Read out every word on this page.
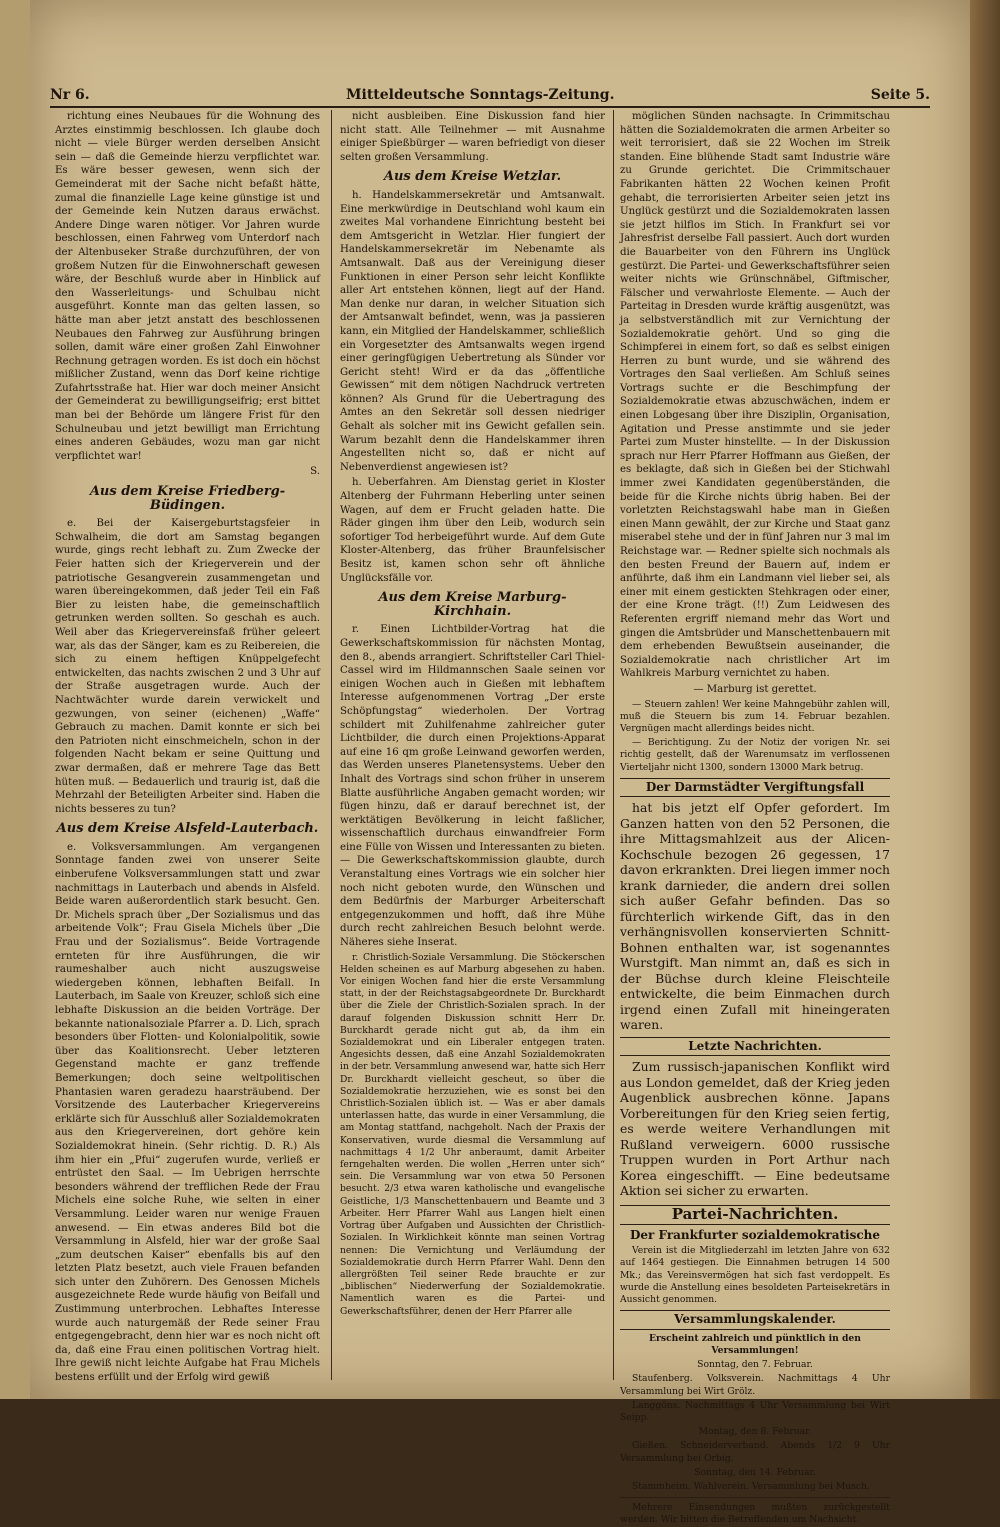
Nr 6.	Mitteldeutsche Sonntags-Zeitung.	Seite 5.

richtung eines Neubaues für die Wohnung des Arztes einstimmig beschlossen. Ich glaube doch nicht — viele Bürger werden derselben Ansicht sein — daß die Gemeinde hierzu verpflichtet war. Es wäre besser gewesen, wenn sich der Gemeinderat mit der Sache nicht befaßt hätte, zumal die finanzielle Lage keine günstige ist und der Gemeinde kein Nutzen daraus erwächst. Andere Dinge waren nötiger. Vor Jahren wurde beschlossen, einen Fahrweg vom Unterdorf nach der Altenbuseker Straße durchzuführen, der von großem Nutzen für die Einwohnerschaft gewesen wäre, der Beschluß wurde aber in Hinblick auf den Wasserleitungs- und Schulbau nicht ausgeführt. Konnte man das gelten lassen, so hätte man aber jetzt anstatt des beschlossenen Neubaues den Fahrweg zur Ausführung bringen sollen, damit wäre einer großen Zahl Einwohner Rechnung getragen worden. Es ist doch ein höchst mißlicher Zustand, wenn das Dorf keine richtige Zufahrtsstraße hat. Hier war doch meiner Ansicht der Gemeinderat zu bewilligungseifrig; erst bittet man bei der Behörde um längere Frist für den Schulneubau und jetzt bewilligt man Errichtung eines anderen Gebäudes, wozu man gar nicht verpflichtet war!

S.
Aus dem Kreise Friedberg-Büdingen.

e. Bei der Kaisergeburtstagsfeier in Schwalheim, die dort am Samstag begangen wurde, gings recht lebhaft zu. Zum Zwecke der Feier hatten sich der Kriegerverein und der patriotische Gesangverein zusammengetan und waren übereingekommen, daß jeder Teil ein Faß Bier zu leisten habe, die gemeinschaftlich getrunken werden sollten. So geschah es auch. Weil aber das Kriegervereinsfaß früher geleert war, als das der Sänger, kam es zu Reibereien, die sich zu einem heftigen Knüppelgefecht entwickelten, das nachts zwischen 2 und 3 Uhr auf der Straße ausgetragen wurde. Auch der Nachtwächter wurde darein verwickelt und gezwungen, von seiner (eichenen) „Waffe“ Gebrauch zu machen. Damit konnte er sich bei den Patrioten nicht einschmeicheln, schon in der folgenden Nacht bekam er seine Quittung und zwar dermaßen, daß er mehrere Tage das Bett hüten muß. — Bedauerlich und traurig ist, daß die Mehrzahl der Beteiligten Arbeiter sind. Haben die nichts besseres zu tun?

Aus dem Kreise Alsfeld-Lauterbach.

e. Volksversammlungen. Am vergangenen Sonntage fanden zwei von unserer Seite einberufene Volksversammlungen statt und zwar nachmittags in Lauterbach und abends in Alsfeld. Beide waren außerordentlich stark besucht. Gen. Dr. Michels sprach über „Der Sozialismus und das arbeitende Volk“; Frau Gisela Michels über „Die Frau und der Sozialismus“. Beide Vortragende ernteten für ihre Ausführungen, die wir raumeshalber auch nicht auszugsweise wiedergeben können, lebhaften Beifall. In Lauterbach, im Saale von Kreuzer, schloß sich eine lebhafte Diskussion an die beiden Vorträge. Der bekannte nationalsoziale Pfarrer a. D. Lich, sprach besonders über Flotten- und Kolonialpolitik, sowie über das Koalitionsrecht. Ueber letzteren Gegenstand machte er ganz treffende Bemerkungen; doch seine weltpolitischen Phantasien waren geradezu haarsträubend. Der Vorsitzende des Lauterbacher Kriegervereins erklärte sich für Ausschluß aller Sozialdemokraten aus den Kriegervereinen, dort gehöre kein Sozialdemokrat hinein. (Sehr richtig. D. R.) Als ihm hier ein „Pfui“ zugerufen wurde, verließ er entrüstet den Saal. — Im Uebrigen herrschte besonders während der trefflichen Rede der Frau Michels eine solche Ruhe, wie selten in einer Versammlung. Leider waren nur wenige Frauen anwesend. — Ein etwas anderes Bild bot die Versammlung in Alsfeld, hier war der große Saal „zum deutschen Kaiser“ ebenfalls bis auf den letzten Platz besetzt, auch viele Frauen befanden sich unter den Zuhörern. Des Genossen Michels ausgezeichnete Rede wurde häufig von Beifall und Zustimmung unterbrochen. Lebhaftes Interesse wurde auch naturgemäß der Rede seiner Frau entgegengebracht, denn hier war es noch nicht oft da, daß eine Frau einen politischen Vortrag hielt. Ihre gewiß nicht leichte Aufgabe hat Frau Michels bestens erfüllt und der Erfolg wird gewiß

nicht ausbleiben. Eine Diskussion fand hier nicht statt. Alle Teilnehmer — mit Ausnahme einiger Spießbürger — waren befriedigt von dieser selten großen Versammlung.

Aus dem Kreise Wetzlar.

h. Handelskammersekretär und Amtsanwalt. Eine merkwürdige in Deutschland wohl kaum ein zweites Mal vorhandene Einrichtung besteht bei dem Amtsgericht in Wetzlar. Hier fungiert der Handelskammersekretär im Nebenamte als Amtsanwalt. Daß aus der Vereinigung dieser Funktionen in einer Person sehr leicht Konflikte aller Art entstehen können, liegt auf der Hand. Man denke nur daran, in welcher Situation sich der Amtsanwalt befindet, wenn, was ja passieren kann, ein Mitglied der Handelskammer, schließlich ein Vorgesetzter des Amtsanwalts wegen irgend einer geringfügigen Uebertretung als Sünder vor Gericht steht! Wird er da das „öffentliche Gewissen“ mit dem nötigen Nachdruck vertreten können? Als Grund für die Uebertragung des Amtes an den Sekretär soll dessen niedriger Gehalt als solcher mit ins Gewicht gefallen sein. Warum bezahlt denn die Handelskammer ihren Angestellten nicht so, daß er nicht auf Nebenverdienst angewiesen ist?

h. Ueberfahren. Am Dienstag geriet in Kloster Altenberg der Fuhrmann Heberling unter seinen Wagen, auf dem er Frucht geladen hatte. Die Räder gingen ihm über den Leib, wodurch sein sofortiger Tod herbeigeführt wurde. Auf dem Gute Kloster-Altenberg, das früher Braunfelsischer Besitz ist, kamen schon sehr oft ähnliche Unglücksfälle vor.

Aus dem Kreise Marburg-Kirchhain.

r. Einen Lichtbilder-Vortrag hat die Gewerkschaftskommission für nächsten Montag, den 8., abends arrangiert. Schriftsteller Carl Thiel-Cassel wird im Hildmannschen Saale seinen vor einigen Wochen auch in Gießen mit lebhaftem Interesse aufgenommenen Vortrag „Der erste Schöpfungstag“ wiederholen. Der Vortrag schildert mit Zuhilfenahme zahlreicher guter Lichtbilder, die durch einen Projektions-Apparat auf eine 16 qm große Leinwand geworfen werden, das Werden unseres Planetensystems. Ueber den Inhalt des Vortrags sind schon früher in unserem Blatte ausführliche Angaben gemacht worden; wir fügen hinzu, daß er darauf berechnet ist, der werktätigen Bevölkerung in leicht faßlicher, wissenschaftlich durchaus einwandfreier Form eine Fülle von Wissen und Interessanten zu bieten. — Die Gewerkschaftskommission glaubte, durch Veranstaltung eines Vortrags wie ein solcher hier noch nicht geboten wurde, den Wünschen und dem Bedürfnis der Marburger Arbeiterschaft entgegenzukommen und hofft, daß ihre Mühe durch recht zahlreichen Besuch belohnt werde. Näheres siehe Inserat.

r. Christlich-Soziale Versammlung. Die Stöckerschen Helden scheinen es auf Marburg abgesehen zu haben. Vor einigen Wochen fand hier die erste Versammlung statt, in der der Reichstagsabgeordnete Dr. Burckhardt über die Ziele der Christlich-Sozialen sprach. In der darauf folgenden Diskussion schnitt Herr Dr. Burckhardt gerade nicht gut ab, da ihm ein Sozialdemokrat und ein Liberaler entgegen traten. Angesichts dessen, daß eine Anzahl Sozialdemokraten in der betr. Versammlung anwesend war, hatte sich Herr Dr. Burckhardt vielleicht gescheut, so über die Sozialdemokratie herzuziehen, wie es sonst bei den Christlich-Sozialen üblich ist. — Was er aber damals unterlassen hatte, das wurde in einer Versammlung, die am Montag stattfand, nachgeholt. Nach der Praxis der Konservativen, wurde diesmal die Versammlung auf nachmittags 4 1/2 Uhr anberaumt, damit Arbeiter ferngehalten werden. Die wollen „Herren unter sich“ sein. Die Versammlung war von etwa 50 Personen besucht. 2/3 etwa waren katholische und evangelische Geistliche, 1/3 Manschettenbauern und Beamte und 3 Arbeiter. Herr Pfarrer Wahl aus Langen hielt einen Vortrag über Aufgaben und Aussichten der Christlich-Sozialen. In Wirklichkeit könnte man seinen Vortrag nennen: Die Vernichtung und Verläumdung der Sozialdemokratie durch Herrn Pfarrer Wahl. Denn den allergrößten Teil seiner Rede brauchte er zur „biblischen“ Niederwerfung der Sozialdemokratie. Namentlich waren es die Partei- und Gewerkschaftsführer, denen der Herr Pfarrer alle

möglichen Sünden nachsagte. In Crimmitschau hätten die Sozialdemokraten die armen Arbeiter so weit terrorisiert, daß sie 22 Wochen im Streik standen. Eine blühende Stadt samt Industrie wäre zu Grunde gerichtet. Die Crimmitschauer Fabrikanten hätten 22 Wochen keinen Profit gehabt, die terrorisierten Arbeiter seien jetzt ins Unglück gestürzt und die Sozialdemokraten lassen sie jetzt hilflos im Stich. In Frankfurt sei vor Jahresfrist derselbe Fall passiert. Auch dort wurden die Bauarbeiter von den Führern ins Unglück gestürzt. Die Partei- und Gewerkschaftsführer seien weiter nichts wie Grünschnäbel, Giftmischer, Fälscher und verwahrloste Elemente. — Auch der Parteitag in Dresden wurde kräftig ausgenützt, was ja selbstverständlich mit zur Vernichtung der Sozialdemokratie gehört. Und so ging die Schimpferei in einem fort, so daß es selbst einigen Herren zu bunt wurde, und sie während des Vortrages den Saal verließen. Am Schluß seines Vortrags suchte er die Beschimpfung der Sozialdemokratie etwas abzuschwächen, indem er einen Lobgesang über ihre Disziplin, Organisation, Agitation und Presse anstimmte und sie jeder Partei zum Muster hinstellte. — In der Diskussion sprach nur Herr Pfarrer Hoffmann aus Gießen, der es beklagte, daß sich in Gießen bei der Stichwahl immer zwei Kandidaten gegenüberständen, die beide für die Kirche nichts übrig haben. Bei der vorletzten Reichstagswahl habe man in Gießen einen Mann gewählt, der zur Kirche und Staat ganz miserabel stehe und der in fünf Jahren nur 3 mal im Reichstage war. — Redner spielte sich nochmals als den besten Freund der Bauern auf, indem er anführte, daß ihm ein Landmann viel lieber sei, als einer mit einem gestickten Stehkragen oder einer, der eine Krone trägt. (!!) Zum Leidwesen des Referenten ergriff niemand mehr das Wort und gingen die Amtsbrüder und Manschettenbauern mit dem erhebenden Bewußtsein auseinander, die Sozialdemokratie nach christlicher Art im Wahlkreis Marburg vernichtet zu haben.

— Marburg ist gerettet.

— Steuern zahlen! Wer keine Mahngebühr zahlen will, muß die Steuern bis zum 14. Februar bezahlen. Vergnügen macht allerdings beides nicht.

— Berichtigung. Zu der Notiz der vorigen Nr. sei richtig gestellt, daß der Warenumsatz im verflossenen Vierteljahr nicht 1300, sondern 13000 Mark betrug.

Der Darmstädter Vergiftungsfall

hat bis jetzt elf Opfer gefordert. Im Ganzen hatten von den 52 Personen, die ihre Mittagsmahlzeit aus der Alicen-Kochschule bezogen 26 gegessen, 17 davon erkrankten. Drei liegen immer noch krank darnieder, die andern drei sollen sich außer Gefahr befinden. Das so fürchterlich wirkende Gift, das in den verhängnisvollen konservierten Schnitt-Bohnen enthalten war, ist sogenanntes Wurstgift. Man nimmt an, daß es sich in der Büchse durch kleine Fleischteile entwickelte, die beim Einmachen durch irgend einen Zufall mit hineingeraten waren.

Letzte Nachrichten.

Zum russisch-japanischen Konflikt wird aus London gemeldet, daß der Krieg jeden Augenblick ausbrechen könne. Japans Vorbereitungen für den Krieg seien fertig, es werde weitere Verhandlungen mit Rußland verweigern. 6000 russische Truppen wurden in Port Arthur nach Korea eingeschifft. — Eine bedeutsame Aktion sei sicher zu erwarten.

Partei-Nachrichten.
Der Frankfurter sozialdemokratische

Verein ist die Mitgliederzahl im letzten Jahre von 632 auf 1464 gestiegen. Die Einnahmen betrugen 14 500 Mk.; das Vereinsvermögen hat sich fast verdoppelt. Es wurde die Anstellung eines besoldeten Parteisekretärs in Aussicht genommen.

Versammlungskalender.

Erscheint zahlreich und pünktlich in den Versammlungen!

Sonntag, den 7. Februar.

Staufenberg. Volksverein. Nachmittags 4 Uhr Versammlung bei Wirt Grölz.

Langgöns. Nachmittags 4 Uhr Versammlung bei Wirt Seipp.

Montag, den 8. Februar.

Gießen. Schneiderverband. Abends 1/2 9 Uhr Versammlung bei Orbig.

Sonntag, den 14. Februar.

Stammheim. Wahlverein. Versammlung bei Musch.

Mehrere Einsendungen mußten zurückgestellt werden. Wir bitten die Betreffenden um Nachsicht.
